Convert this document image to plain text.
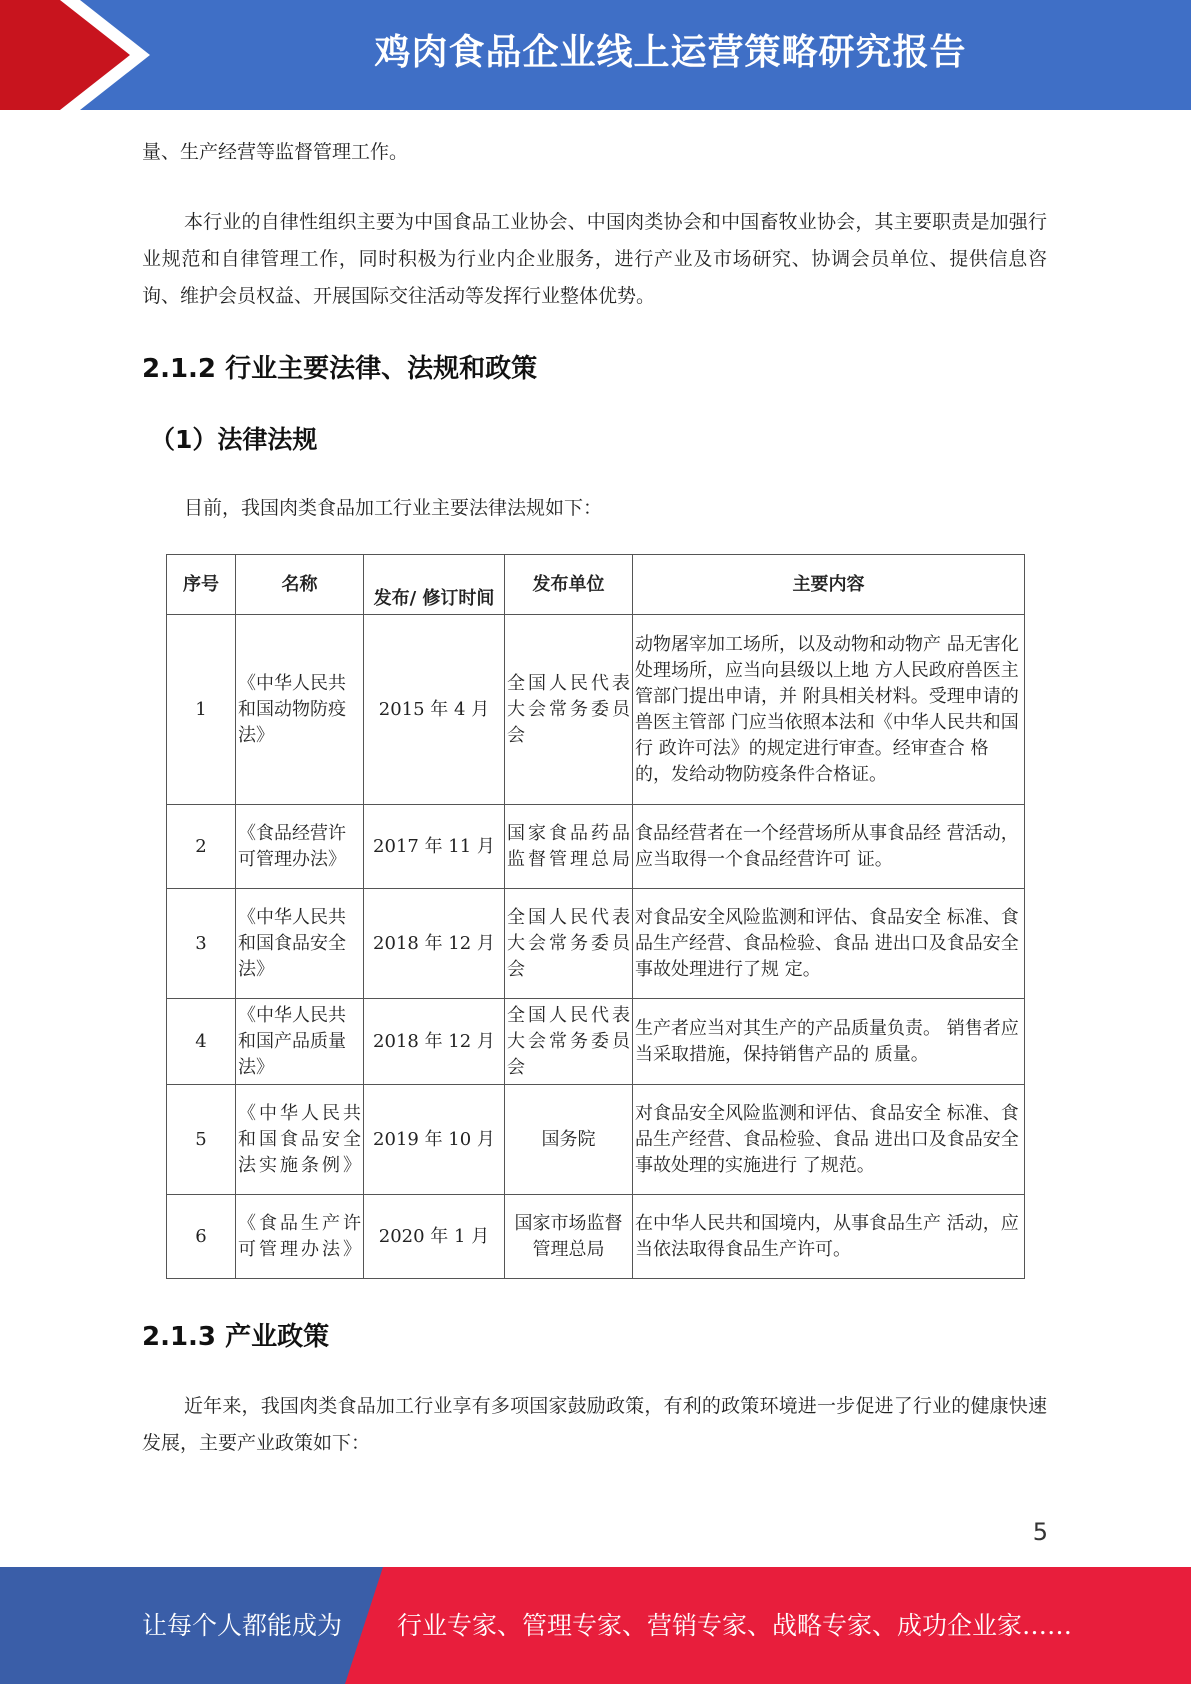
鸡肉食品企业线上运营策略研究报告
量、生产经营等监督管理工作。
本行业的自律性组织主要为中国食品工业协会、中国肉类协会和中国畜牧业协会，其主要职责是加强行业规范和自律管理工作，同时积极为行业内企业服务，进行产业及市场研究、协调会员单位、提供信息咨询、维护会员权益、开展国际交往活动等发挥行业整体优势。
2.1.2 行业主要法律、法规和政策
（1）法律法规
目前，我国肉类食品加工行业主要法律法规如下：
序号	名称	发布/ 修订时间	发布单位	主要内容
1	《中华人民共和国动物防疫法》	2015 年 4 月	全国人民代表大会常务委员会	动物屠宰加工场所，以及动物和动物产 品无害化处理场所，应当向县级以上地 方人民政府兽医主管部门提出申请，并 附具相关材料。受理申请的兽医主管部 门应当依照本法和《中华人民共和国行 政许可法》的规定进行审查。经审查合 格的，发给动物防疫条件合格证。
2	《食品经营许可管理办法》	2017 年 11 月	国家食品药品监督管理总局	食品经营者在一个经营场所从事食品经 营活动，应当取得一个食品经营许可 证。
3	《中华人民共和国食品安全法》	2018 年 12 月	全国人民代表大会常务委员会	对食品安全风险监测和评估、食品安全 标准、食品生产经营、食品检验、食品 进出口及食品安全事故处理进行了规 定。
4	《中华人民共和国产品质量法》	2018 年 12 月	全国人民代表大会常务委员会	生产者应当对其生产的产品质量负责。 销售者应当采取措施，保持销售产品的 质量。
5	《中华人民共和国食品安全法实施条例》	2019 年 10 月	国务院	对食品安全风险监测和评估、食品安全 标准、食品生产经营、食品检验、食品 进出口及食品安全事故处理的实施进行 了规范。
6	《食品生产许可管理办法》	2020 年 1 月	国家市场监督管理总局	在中华人民共和国境内，从事食品生产 活动，应当依法取得食品生产许可。
2.1.3 产业政策
近年来，我国肉类食品加工行业享有多项国家鼓励政策，有利的政策环境进一步促进了行业的健康快速发展，主要产业政策如下：
5
让每个人都能成为 行业专家、管理专家、营销专家、战略专家、成功企业家……
